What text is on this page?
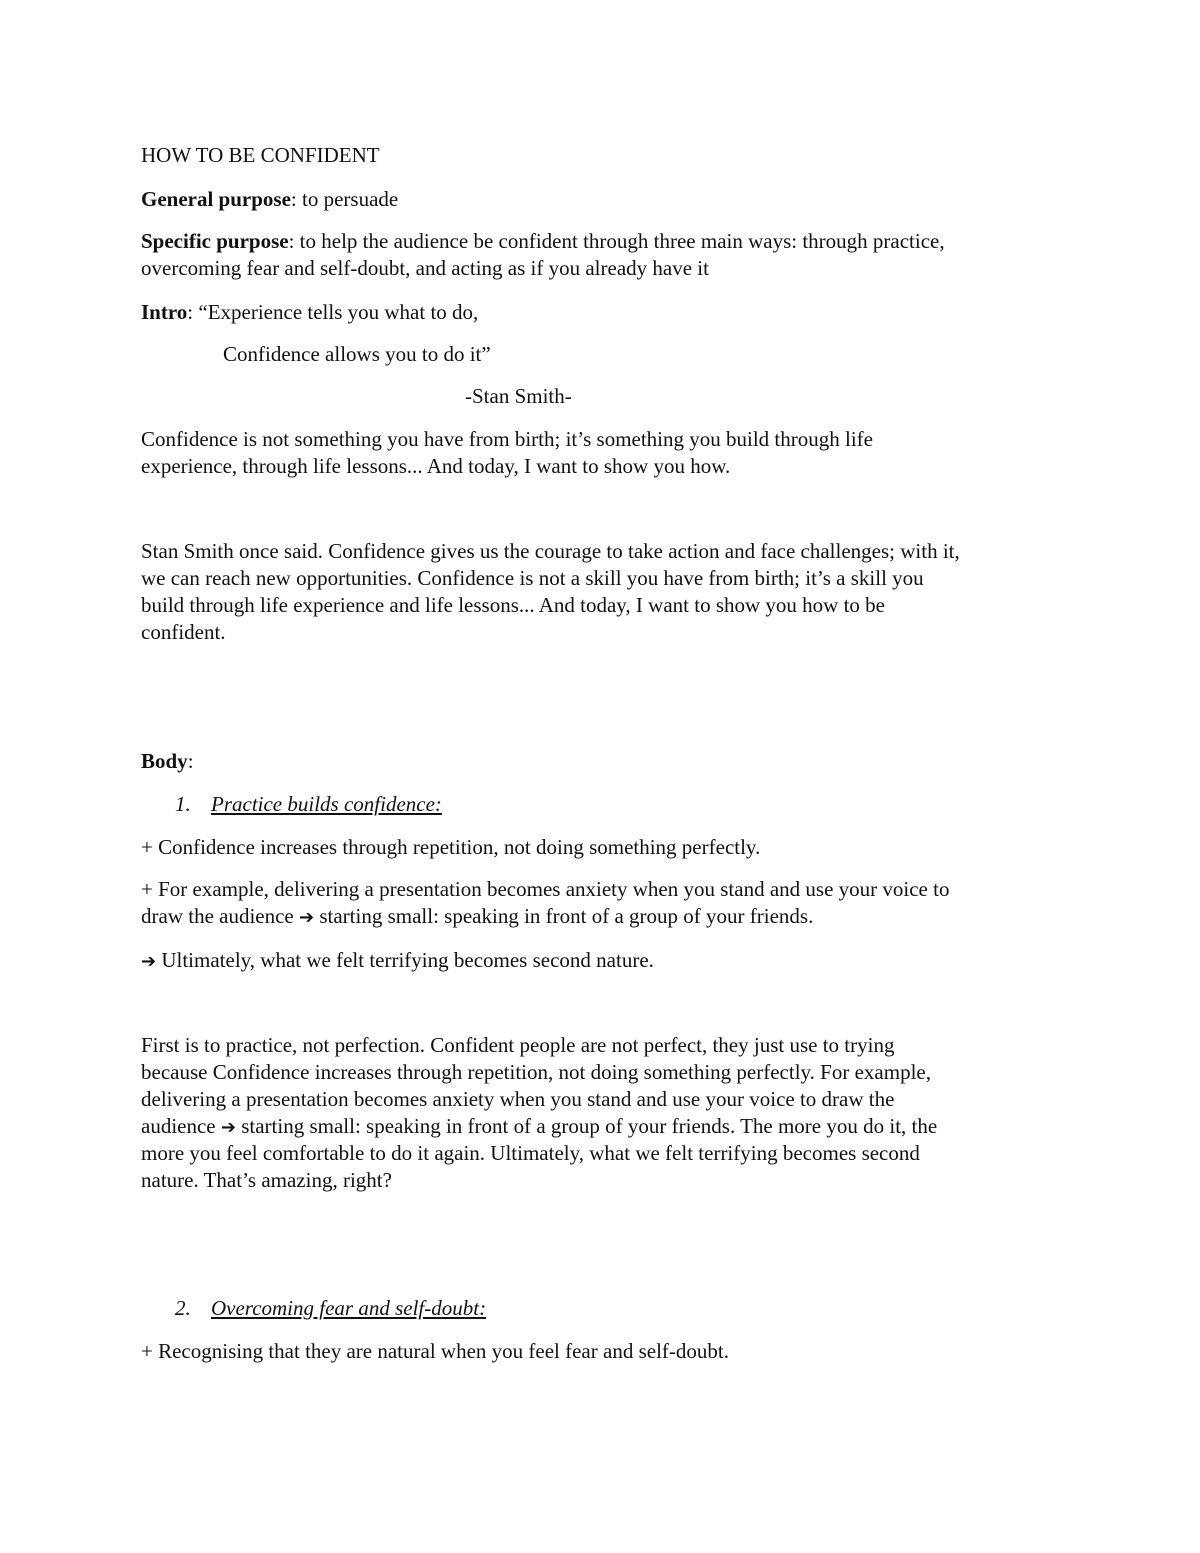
HOW TO BE CONFIDENT

General purpose: to persuade

Specific purpose: to help the audience be confident through three main ways: through practice,

overcoming fear and self-doubt, and acting as if you already have it

Intro: “Experience tells you what to do,

Confidence allows you to do it”

-Stan Smith-

Confidence is not something you have from birth; it’s something you build through life

experience, through life lessons... And today, I want to show you how.

Stan Smith once said. Confidence gives us the courage to take action and face challenges; with it,

we can reach new opportunities. Confidence is not a skill you have from birth; it’s a skill you

build through life experience and life lessons... And today, I want to show you how to be

confident.

Body:

1. Practice builds confidence:

+ Confidence increases through repetition, not doing something perfectly.

+ For example, delivering a presentation becomes anxiety when you stand and use your voice to

draw the audience ➔ starting small: speaking in front of a group of your friends.

➔ Ultimately, what we felt terrifying becomes second nature.

First is to practice, not perfection. Confident people are not perfect, they just use to trying

because Confidence increases through repetition, not doing something perfectly. For example,

delivering a presentation becomes anxiety when you stand and use your voice to draw the

audience ➔ starting small: speaking in front of a group of your friends. The more you do it, the

more you feel comfortable to do it again. Ultimately, what we felt terrifying becomes second

nature. That’s amazing, right?

2. Overcoming fear and self-doubt:

+ Recognising that they are natural when you feel fear and self-doubt.
